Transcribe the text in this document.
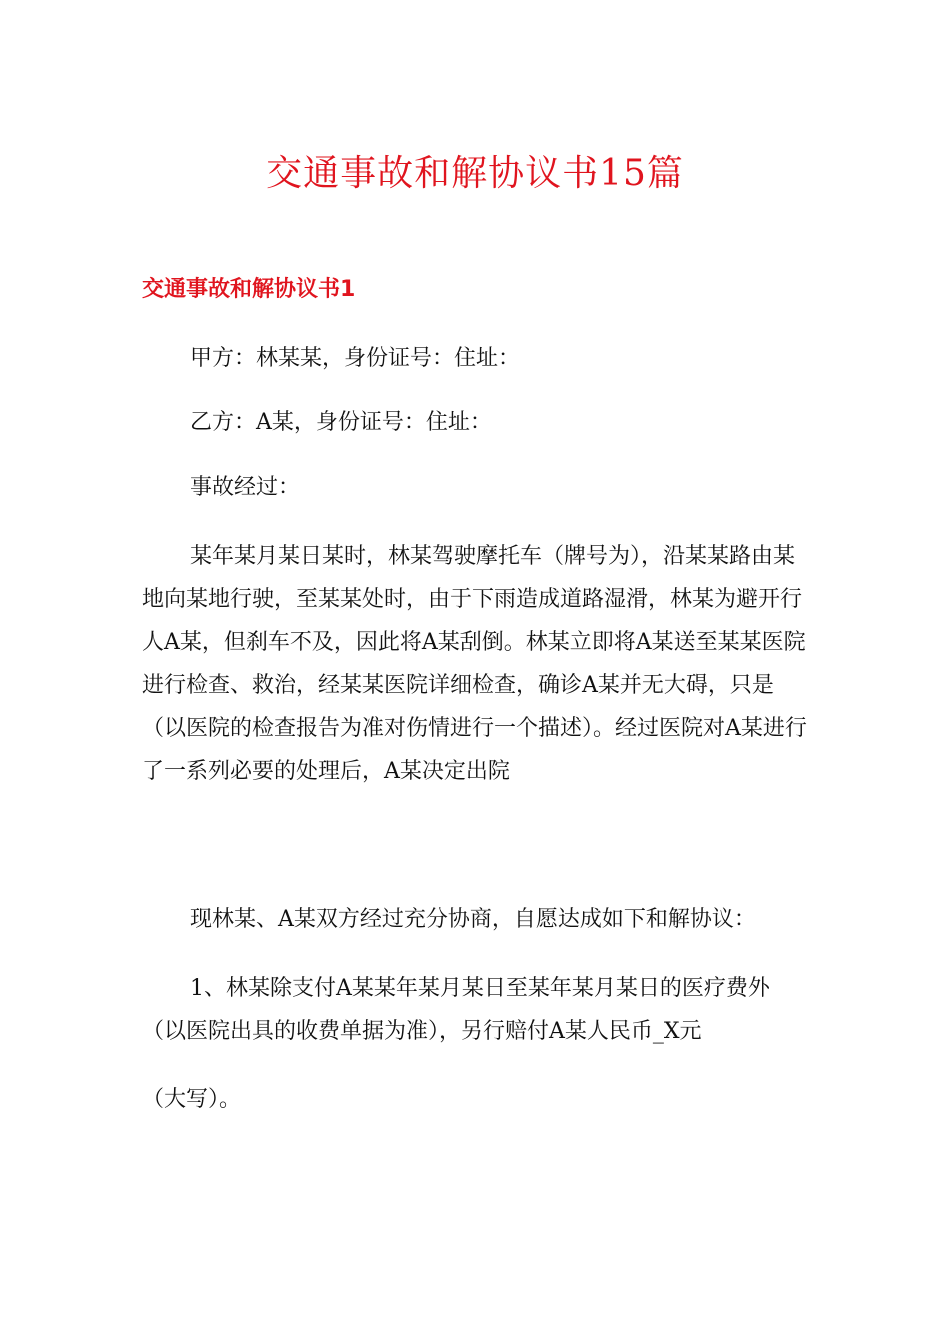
交通事故和解协议书15篇
交通事故和解协议书1

甲方：林某某，身份证号：住址：

乙方：A某，身份证号：住址：

事故经过：

某年某月某日某时，林某驾驶摩托车（牌号为），沿某某路由某地向某地行驶，至某某处时，由于下雨造成道路湿滑，林某为避开行人A某，但刹车不及，因此将A某刮倒。林某立即将A某送至某某医院进行检查、救治，经某某医院详细检查，确诊A某并无大碍，只是（以医院的检查报告为准对伤情进行一个描述）。经过医院对A某进行了一系列必要的处理后，A某决定出院

现林某、A某双方经过充分协商，自愿达成如下和解协议：

1、林某除支付A某某年某月某日至某年某月某日的医疗费外（以医院出具的收费单据为准），另行赔付A某人民币_X元

（大写）。
